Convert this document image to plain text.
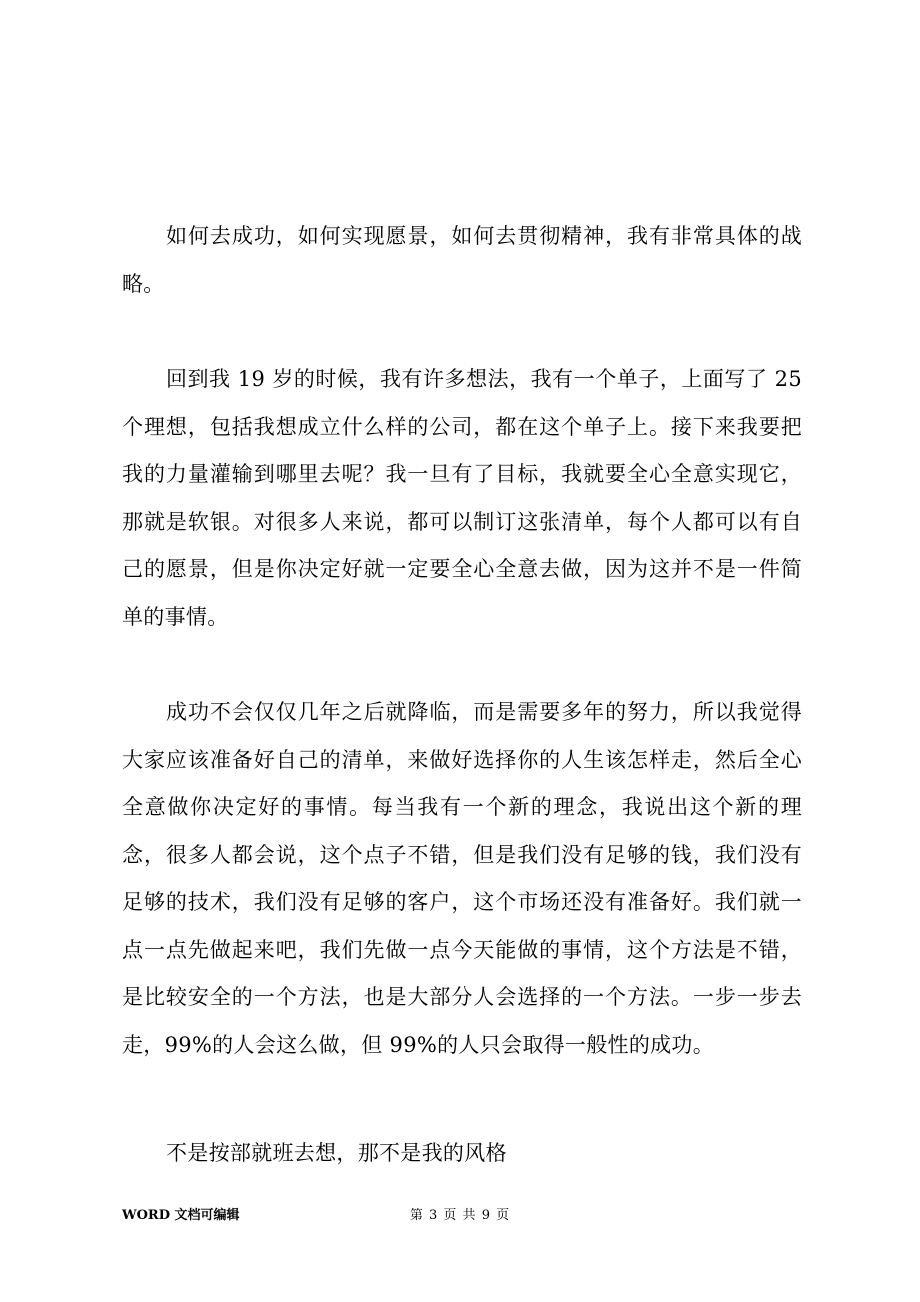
如何去成功，如何实现愿景，如何去贯彻精神，我有非常具体的战略。

回到我 19 岁的时候，我有许多想法，我有一个单子，上面写了 25 个理想，包括我想成立什么样的公司，都在这个单子上。接下来我要把我的力量灌输到哪里去呢？我一旦有了目标，我就要全心全意实现它，那就是软银。对很多人来说，都可以制订这张清单，每个人都可以有自己的愿景，但是你决定好就一定要全心全意去做，因为这并不是一件简单的事情。

成功不会仅仅几年之后就降临，而是需要多年的努力，所以我觉得大家应该准备好自己的清单，来做好选择你的人生该怎样走，然后全心全意做你决定好的事情。每当我有一个新的理念，我说出这个新的理念，很多人都会说，这个点子不错，但是我们没有足够的钱，我们没有足够的技术，我们没有足够的客户，这个市场还没有准备好。我们就一点一点先做起来吧，我们先做一点今天能做的事情，这个方法是不错，是比较安全的一个方法，也是大部分人会选择的一个方法。一步一步去走，99%的人会这么做，但 99%的人只会取得一般性的成功。

不是按部就班去想，那不是我的风格

WORD 文档可编辑	第 3 页 共 9 页
